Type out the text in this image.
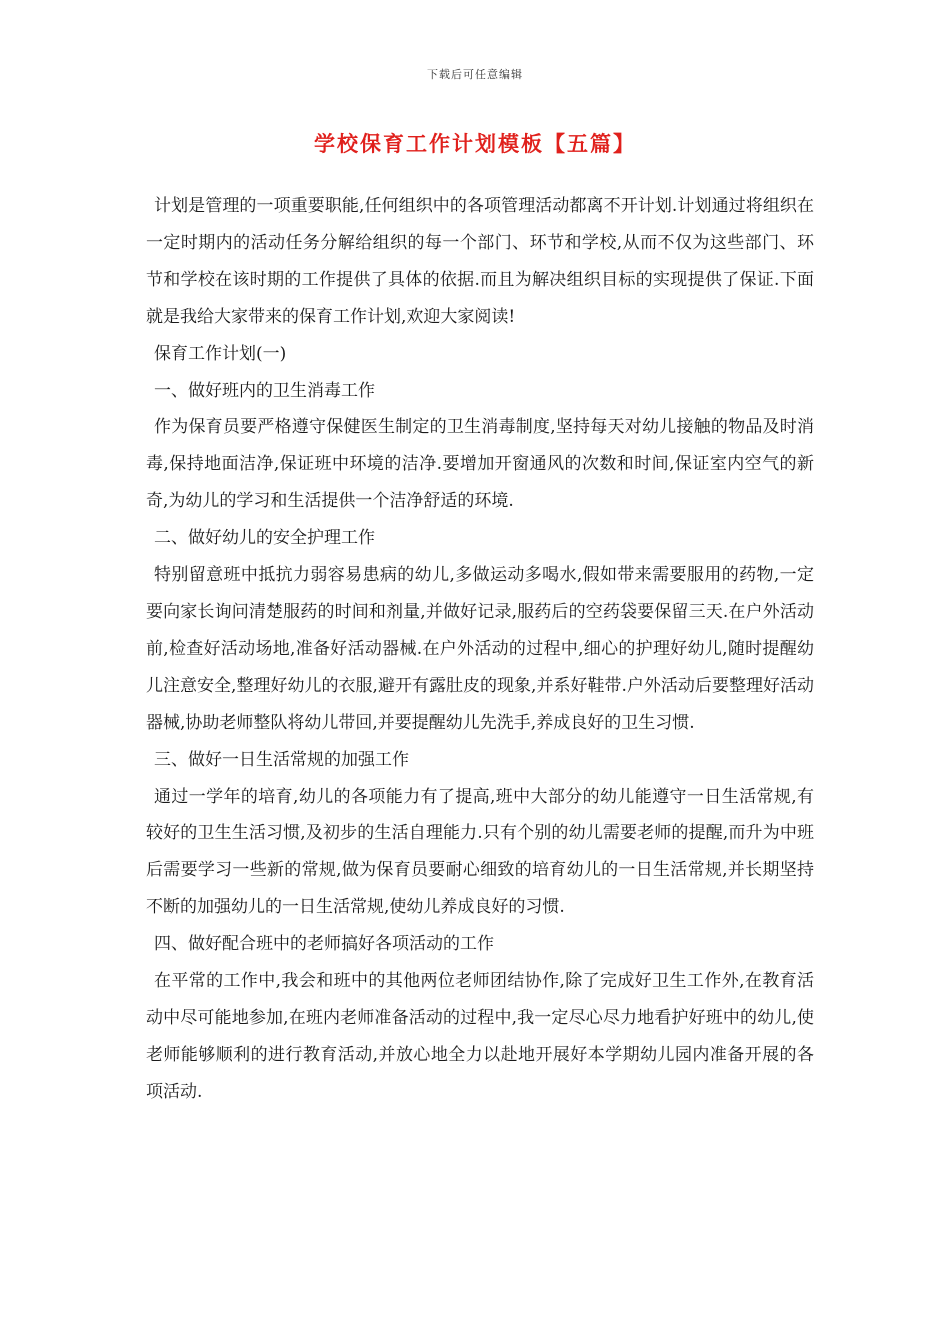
下载后可任意编辑
学校保育工作计划模板【五篇】

计划是管理的一项重要职能,任何组织中的各项管理活动都离不开计划.计划通过将组织在一定时期内的活动任务分解给组织的每一个部门、环节和学校,从而不仅为这些部门、环节和学校在该时期的工作提供了具体的依据.而且为解决组织目标的实现提供了保证.下面就是我给大家带来的保育工作计划,欢迎大家阅读!

保育工作计划(一)

一、做好班内的卫生消毒工作

作为保育员要严格遵守保健医生制定的卫生消毒制度,坚持每天对幼儿接触的物品及时消毒,保持地面洁净,保证班中环境的洁净.要增加开窗通风的次数和时间,保证室内空气的新奇,为幼儿的学习和生活提供一个洁净舒适的环境.

二、做好幼儿的安全护理工作

特别留意班中抵抗力弱容易患病的幼儿,多做运动多喝水,假如带来需要服用的药物,一定要向家长询问清楚服药的时间和剂量,并做好记录,服药后的空药袋要保留三天.在户外活动前,检查好活动场地,准备好活动器械.在户外活动的过程中,细心的护理好幼儿,随时提醒幼儿注意安全,整理好幼儿的衣服,避开有露肚皮的现象,并系好鞋带.户外活动后要整理好活动器械,协助老师整队将幼儿带回,并要提醒幼儿先洗手,养成良好的卫生习惯.

三、做好一日生活常规的加强工作

通过一学年的培育,幼儿的各项能力有了提高,班中大部分的幼儿能遵守一日生活常规,有较好的卫生生活习惯,及初步的生活自理能力.只有个别的幼儿需要老师的提醒,而升为中班后需要学习一些新的常规,做为保育员要耐心细致的培育幼儿的一日生活常规,并长期坚持不断的加强幼儿的一日生活常规,使幼儿养成良好的习惯.

四、做好配合班中的老师搞好各项活动的工作

在平常的工作中,我会和班中的其他两位老师团结协作,除了完成好卫生工作外,在教育活动中尽可能地参加,在班内老师准备活动的过程中,我一定尽心尽力地看护好班中的幼儿,使老师能够顺利的进行教育活动,并放心地全力以赴地开展好本学期幼儿园内准备开展的各项活动.
